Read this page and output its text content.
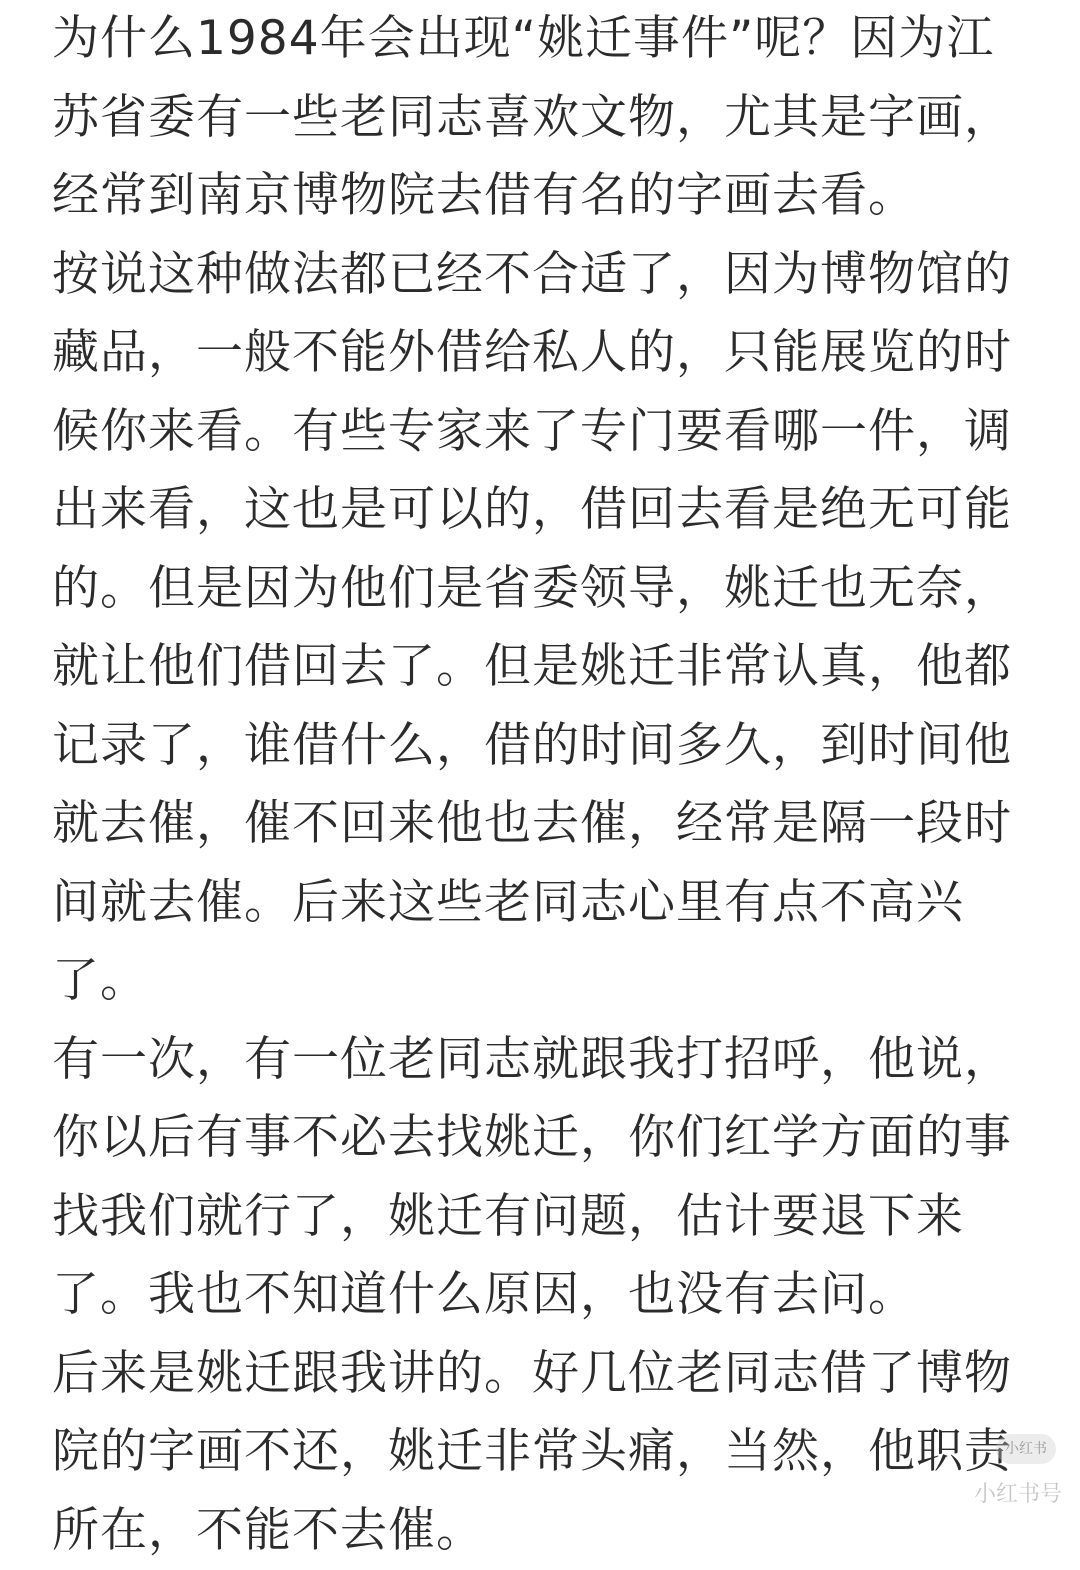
为什么1984年会出现“姚迁事件”呢？因为江
苏省委有一些老同志喜欢文物，尤其是字画，
经常到南京博物院去借有名的字画去看。
按说这种做法都已经不合适了，因为博物馆的
藏品，一般不能外借给私人的，只能展览的时
候你来看。有些专家来了专门要看哪一件，调
出来看，这也是可以的，借回去看是绝无可能
的。但是因为他们是省委领导，姚迁也无奈，
就让他们借回去了。但是姚迁非常认真，他都
记录了，谁借什么，借的时间多久，到时间他
就去催，催不回来他也去催，经常是隔一段时
间就去催。后来这些老同志心里有点不高兴
了。
有一次，有一位老同志就跟我打招呼，他说，
你以后有事不必去找姚迁，你们红学方面的事
找我们就行了，姚迁有问题，估计要退下来
了。我也不知道什么原因，也没有去问。
后来是姚迁跟我讲的。好几位老同志借了博物
院的字画不还，姚迁非常头痛，当然，他职责
所在，不能不去催。
小红书
小红书号
